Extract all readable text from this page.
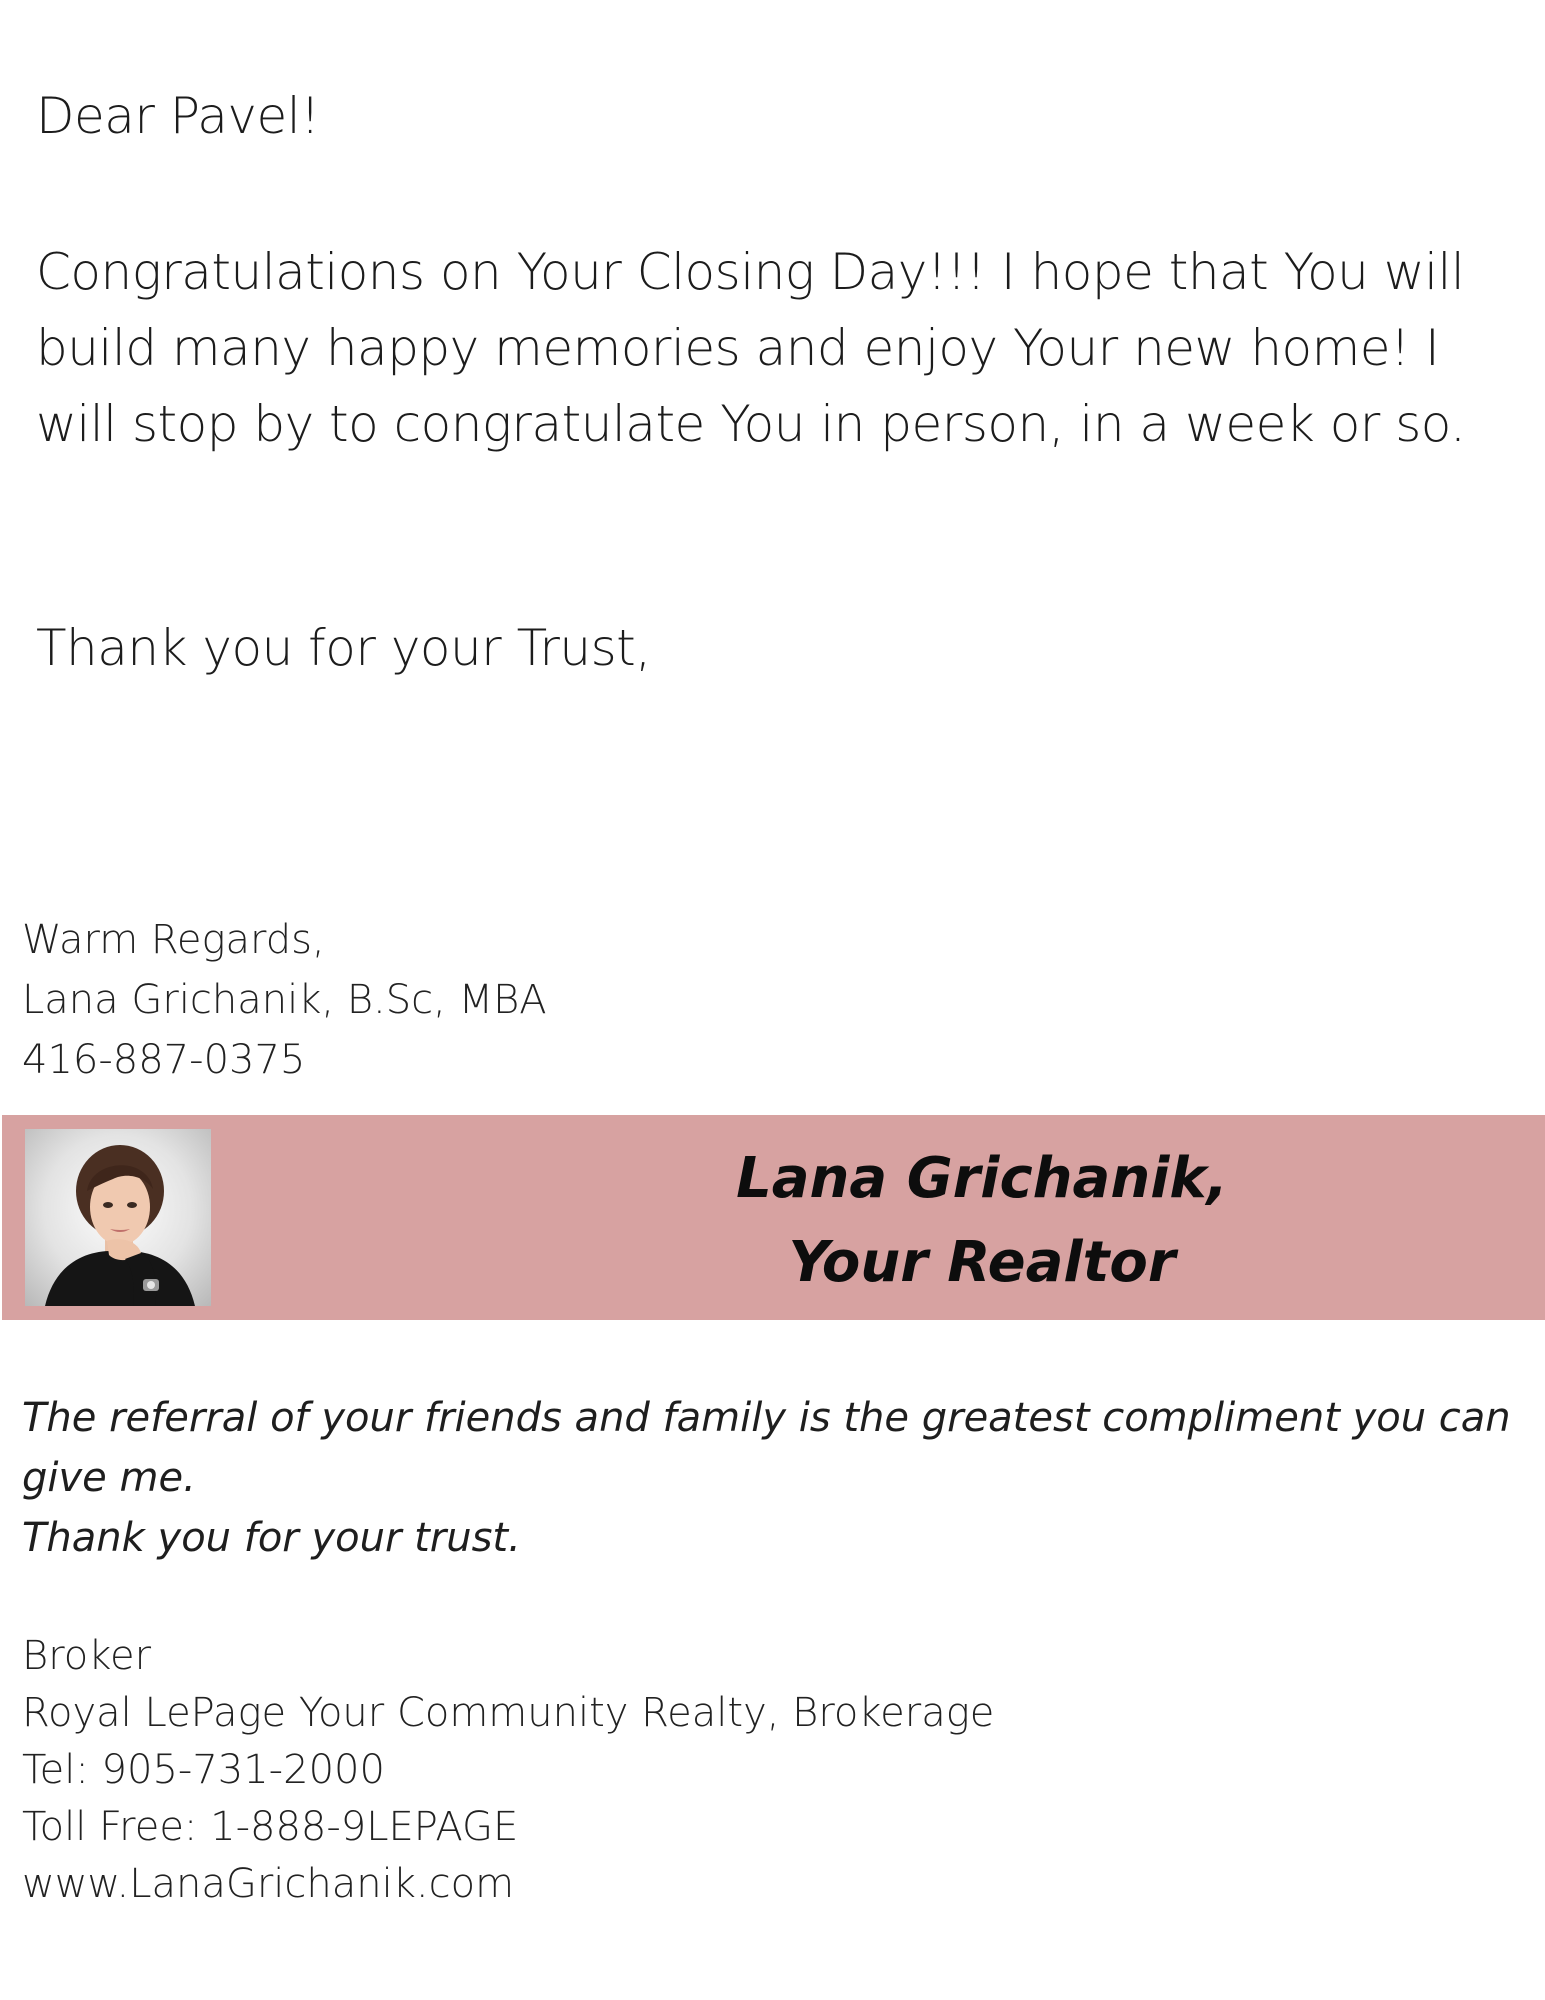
Dear Pavel!

Congratulations on Your Closing Day!!! I hope that You will build many happy memories and enjoy Your new home! I will stop by to congratulate You in person, in a week or so.

Thank you for your Trust,

Warm Regards,
Lana Grichanik, B.Sc, MBA
416-887-0375
Lana Grichanik,
Your Realtor
The referral of your friends and family is the greatest compliment you can give me.
Thank you for your trust.
Broker
Royal LePage Your Community Realty, Brokerage
Tel: 905-731-2000
Toll Free: 1-888-9LEPAGE
www.LanaGrichanik.com
